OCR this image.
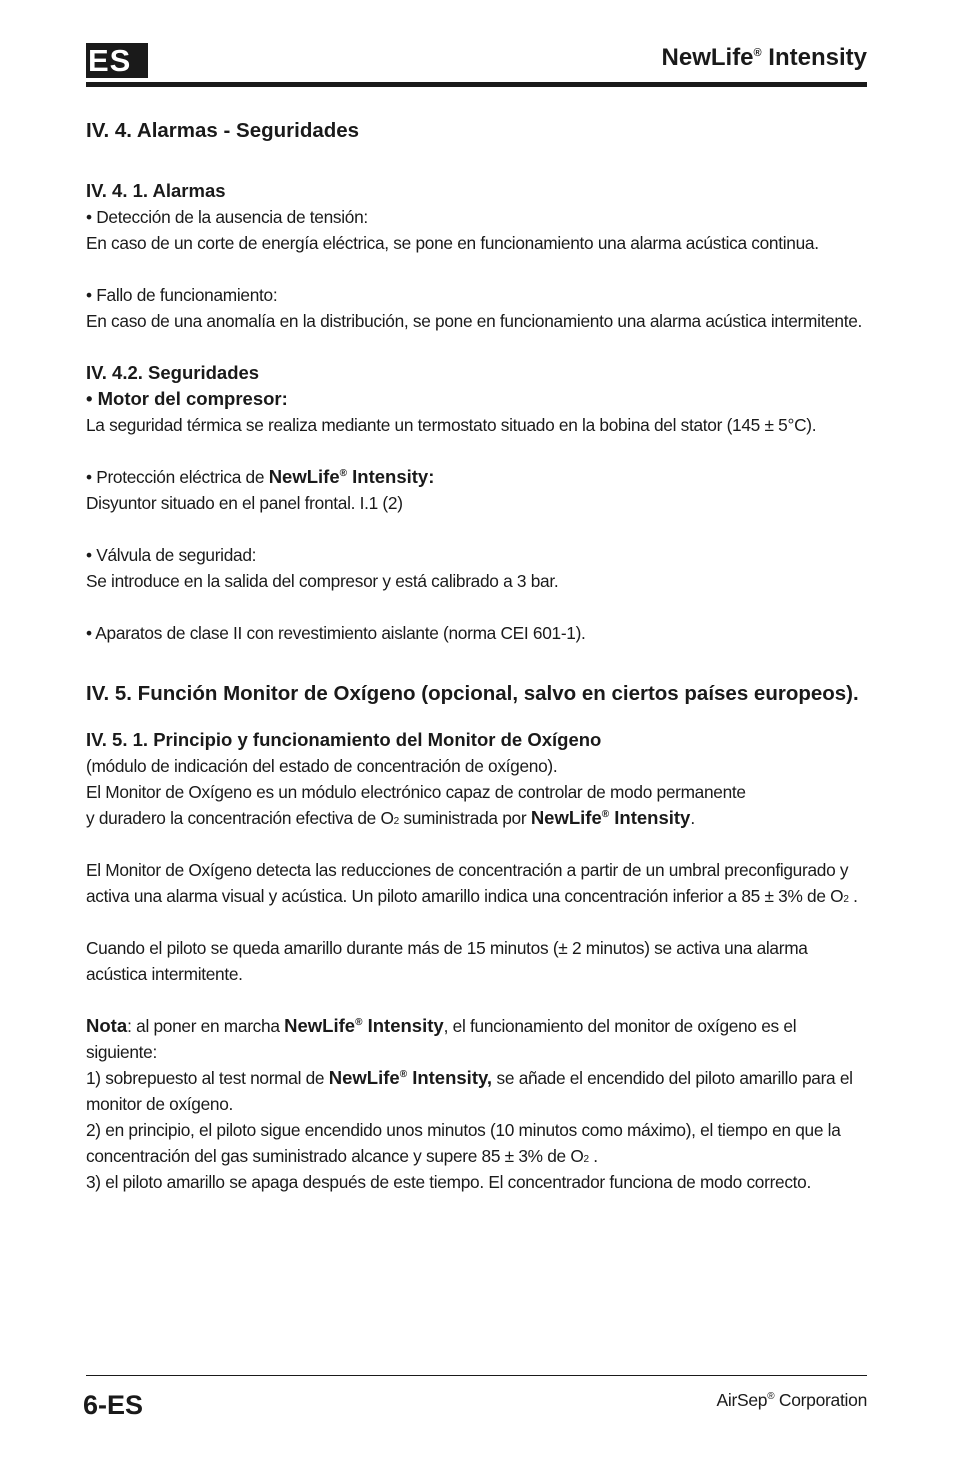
ES	NewLife® Intensity

IV. 4. Alarmas - Seguridades

IV. 4. 1. Alarmas

• Detección de la ausencia de tensión:

En caso de un corte de energía eléctrica, se pone en funcionamiento una alarma acústica continua.

• Fallo de funcionamiento:

En caso de una anomalía en la distribución, se pone en funcionamiento una alarma acústica intermitente.

IV. 4.2. Seguridades

• Motor del compresor:

La seguridad térmica se realiza mediante un termostato situado en la bobina del stator (145 ± 5°C).

• Protección eléctrica de NewLife® Intensity:

Disyuntor situado en el panel frontal. I.1 (2)

• Válvula de seguridad:

Se introduce en la salida del compresor y está calibrado a 3 bar.

• Aparatos de clase II con revestimiento aislante (norma CEI 601-1).

IV. 5. Función Monitor de Oxígeno (opcional, salvo en ciertos países europeos).

IV. 5. 1. Principio y funcionamiento del Monitor de Oxígeno

(módulo de indicación del estado de concentración de oxígeno).

El Monitor de Oxígeno es un módulo electrónico capaz de controlar de modo permanente

y duradero la concentración efectiva de O2 suministrada por NewLife® Intensity.

El Monitor de Oxígeno detecta las reducciones de concentración a partir de un umbral preconfigurado y activa una alarma visual y acústica. Un piloto amarillo indica una concentración inferior a 85 ± 3% de O2 .

Cuando el piloto se queda amarillo durante más de 15 minutos (± 2 minutos) se activa una alarma acústica intermitente.

Nota: al poner en marcha NewLife® Intensity, el funcionamiento del monitor de oxígeno es el siguiente:

1) sobrepuesto al test normal de NewLife® Intensity, se añade el encendido del piloto amarillo para el monitor de oxígeno.

2) en principio, el piloto sigue encendido unos minutos (10 minutos como máximo), el tiempo en que la concentración del gas suministrado alcance y supere 85 ± 3% de O2 .

3) el piloto amarillo se apaga después de este tiempo. El concentrador funciona de modo correcto.

6-ES	AirSep® Corporation
